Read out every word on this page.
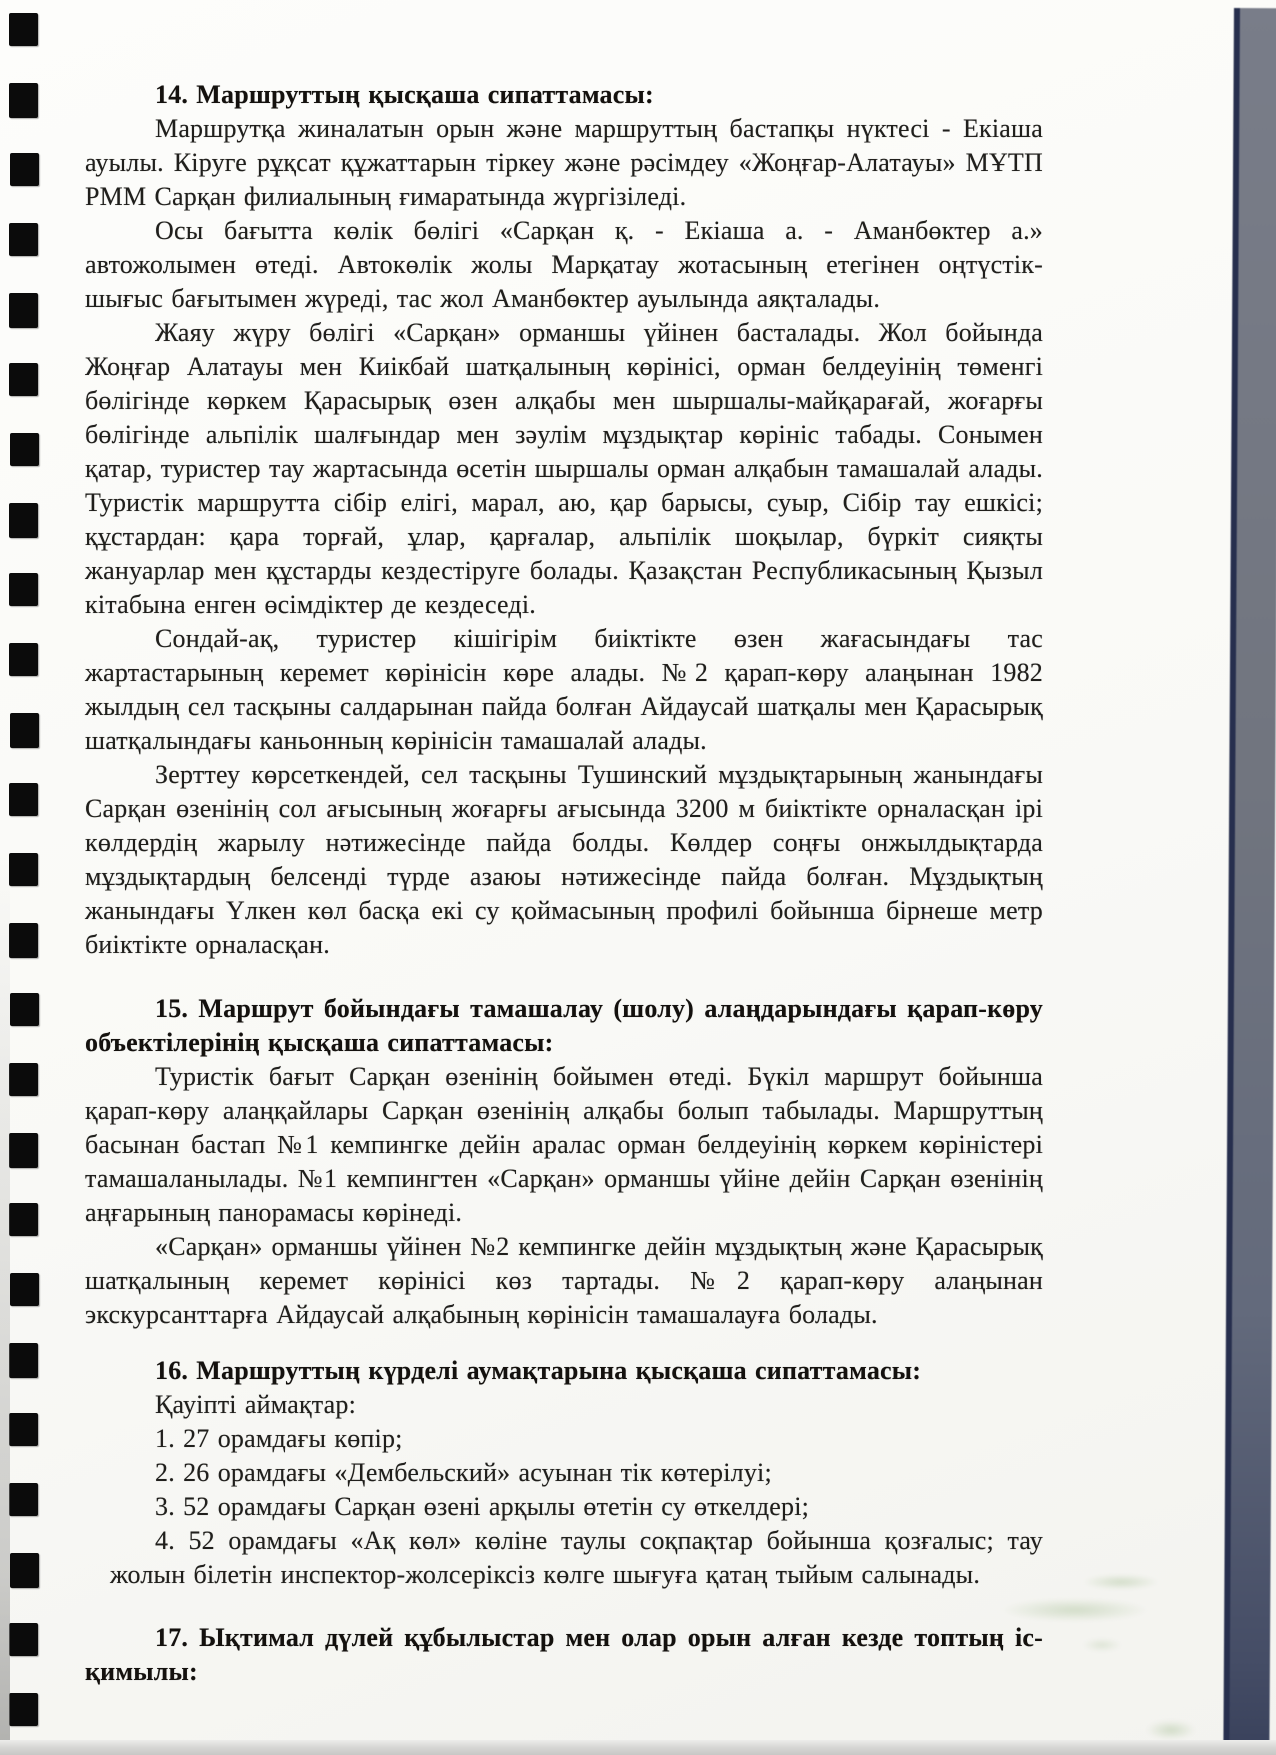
14. Маршруттың қысқаша сипаттамасы:

Маршрутқа жиналатын орын және маршруттың бастапқы нүктесі - Екіаша ауылы. Кіруге рұқсат құжаттарын тіркеу және рәсімдеу «Жоңғар-Алатауы» МҰТП РММ Сарқан филиалының ғимаратында жүргізіледі.

Осы бағытта көлік бөлігі «Сарқан қ. - Екіаша а. - Аманбөктер а.» автожолымен өтеді. Автокөлік жолы Марқатау жотасының етегінен оңтүстік-шығыс бағытымен жүреді, тас жол Аманбөктер ауылында аяқталады.

Жаяу жүру бөлігі «Сарқан» орманшы үйінен басталады. Жол бойында Жоңғар Алатауы мен Киікбай шатқалының көрінісі, орман белдеуінің төменгі бөлігінде көркем Қарасырық өзен алқабы мен шыршалы-майқарағай, жоғарғы бөлігінде альпілік шалғындар мен зәулім мұздықтар көрініс табады. Сонымен қатар, туристер тау жартасында өсетін шыршалы орман алқабын тамашалай алады. Туристік маршрутта сібір елігі, марал, аю, қар барысы, суыр, Сібір тау ешкісі; құстардан: қара торғай, ұлар, қарғалар, альпілік шоқылар, бүркіт сияқты жануарлар мен құстарды кездестіруге болады. Қазақстан Республикасының Қызыл кітабына енген өсімдіктер де кездеседі.

Сондай-ақ, туристер кішігірім биіктікте өзен жағасындағы тас жартастарының керемет көрінісін көре алады. №2 қарап-көру алаңынан 1982 жылдың сел тасқыны салдарынан пайда болған Айдаусай шатқалы мен Қарасырық шатқалындағы каньонның көрінісін тамашалай алады.

Зерттеу көрсеткендей, сел тасқыны Тушинский мұздықтарының жанындағы Сарқан өзенінің сол ағысының жоғарғы ағысында 3200 м биіктікте орналасқан ірі көлдердің жарылу нәтижесінде пайда болды. Көлдер соңғы онжылдықтарда мұздықтардың белсенді түрде азаюы нәтижесінде пайда болған. Мұздықтың жанындағы Үлкен көл басқа екі су қоймасының профилі бойынша бірнеше метр биіктікте орналасқан.

15. Маршрут бойындағы тамашалау (шолу) алаңдарындағы қарап-көру
объектілерінің қысқаша сипаттамасы:

Туристік бағыт Сарқан өзенінің бойымен өтеді. Бүкіл маршрут бойынша қарап-көру алаңқайлары Сарқан өзенінің алқабы болып табылады. Маршруттың басынан бастап №1 кемпингке дейін аралас орман белдеуінің көркем көріністері тамашаланылады. №1 кемпингтен «Сарқан» орманшы үйіне дейін Сарқан өзенінің аңғарының панорамасы көрінеді.

«Сарқан» орманшы үйінен №2 кемпингке дейін мұздықтың және Қарасырық шатқалының керемет көрінісі көз тартады. №2 қарап-көру алаңынан экскурсанттарға Айдаусай алқабының көрінісін тамашалауға болады.

16. Маршруттың күрделі аумақтарына қысқаша сипаттамасы:

Қауіпті аймақтар:

1. 27 орамдағы көпір;

2. 26 орамдағы «Дембельский» асуынан тік көтерілуі;

3. 52 орамдағы Сарқан өзені арқылы өтетін су өткелдері;

4. 52 орамдағы «Ақ көл» көліне таулы соқпақтар бойынша қозғалыс; тау жолын білетін инспектор-жолсеріксіз көлге шығуға қатаң тыйым салынады.

17. Ықтимал дүлей құбылыстар мен олар орын алған кезде топтың іс-
қимылы:
